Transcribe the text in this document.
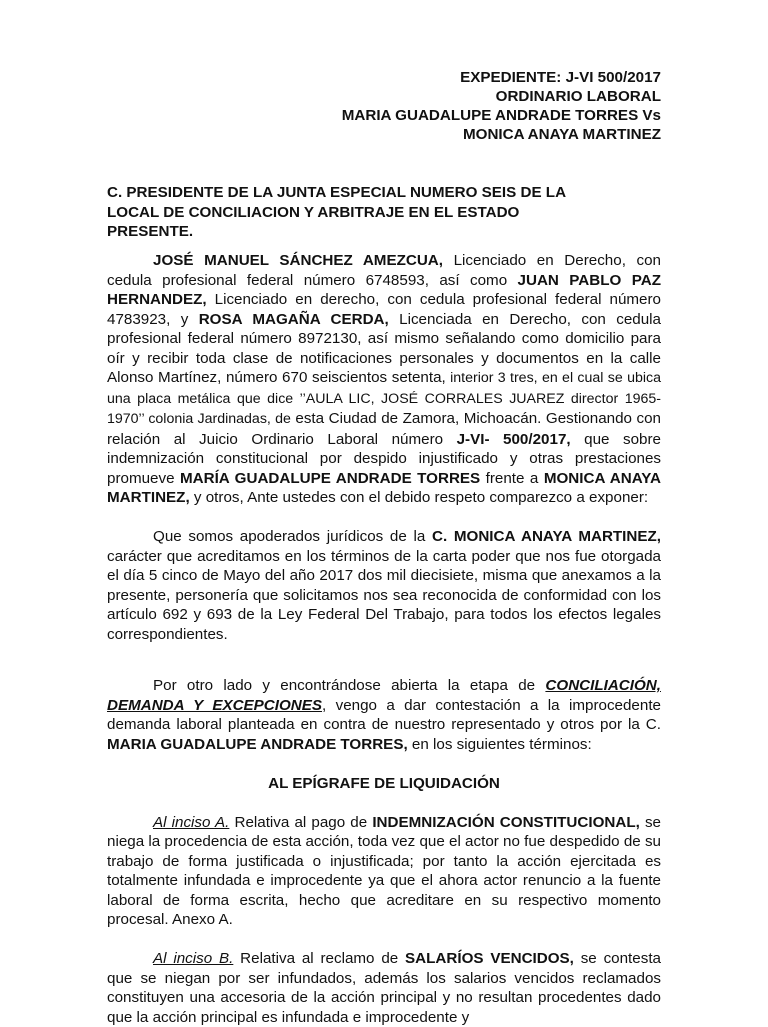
EXPEDIENTE: J-VI 500/2017
ORDINARIO LABORAL
MARIA GUADALUPE ANDRADE TORRES Vs
MONICA ANAYA MARTINEZ
C. PRESIDENTE DE LA JUNTA ESPECIAL NUMERO SEIS DE LA
LOCAL DE CONCILIACION Y ARBITRAJE EN EL ESTADO
PRESENTE.

JOSÉ MANUEL SÁNCHEZ AMEZCUA, Licenciado en Derecho, con cedula profesional federal número 6748593, así como JUAN PABLO PAZ HERNANDEZ, Licenciado en derecho, con cedula profesional federal número 4783923, y ROSA MAGAÑA CERDA, Licenciada en Derecho, con cedula profesional federal número 8972130, así mismo señalando como domicilio para oír y recibir toda clase de notificaciones personales y documentos en la calle Alonso Martínez, número 670 seiscientos setenta, interior 3 tres, en el cual se ubica una placa metálica que dice ’’AULA LIC, JOSÉ CORRALES JUAREZ director 1965- 1970’’ colonia Jardinadas, de esta Ciudad de Zamora, Michoacán. Gestionando con relación al Juicio Ordinario Laboral número J-VI- 500/2017, que sobre indemnización constitucional por despido injustificado y otras prestaciones promueve MARÍA GUADALUPE ANDRADE TORRES frente a MONICA ANAYA MARTINEZ, y otros, Ante ustedes con el debido respeto comparezco a exponer:

Que somos apoderados jurídicos de la C. MONICA ANAYA MARTINEZ, carácter que acreditamos en los términos de la carta poder que nos fue otorgada el día 5 cinco de Mayo del año 2017 dos mil diecisiete, misma que anexamos a la presente, personería que solicitamos nos sea reconocida de conformidad con los artículo 692 y 693 de la Ley Federal Del Trabajo, para todos los efectos legales correspondientes.

Por otro lado y encontrándose abierta la etapa de CONCILIACIÓN, DEMANDA Y EXCEPCIONES, vengo a dar contestación a la improcedente demanda laboral planteada en contra de nuestro representado y otros por la C. MARIA GUADALUPE ANDRADE TORRES, en los siguientes términos:

AL EPÍGRAFE DE LIQUIDACIÓN

Al inciso A. Relativa al pago de INDEMNIZACIÓN CONSTITUCIONAL, se niega la procedencia de esta acción, toda vez que el actor no fue despedido de su trabajo de forma justificada o injustificada; por tanto la acción ejercitada es totalmente infundada e improcedente ya que el ahora actor renuncio a la fuente laboral de forma escrita, hecho que acreditare en su respectivo momento procesal. Anexo A.

Al inciso B. Relativa al reclamo de SALARÍOS VENCIDOS, se contesta que se niegan por ser infundados, además los salarios vencidos reclamados constituyen una accesoria de la acción principal y no resultan procedentes dado que la acción principal es infundada e improcedente y
